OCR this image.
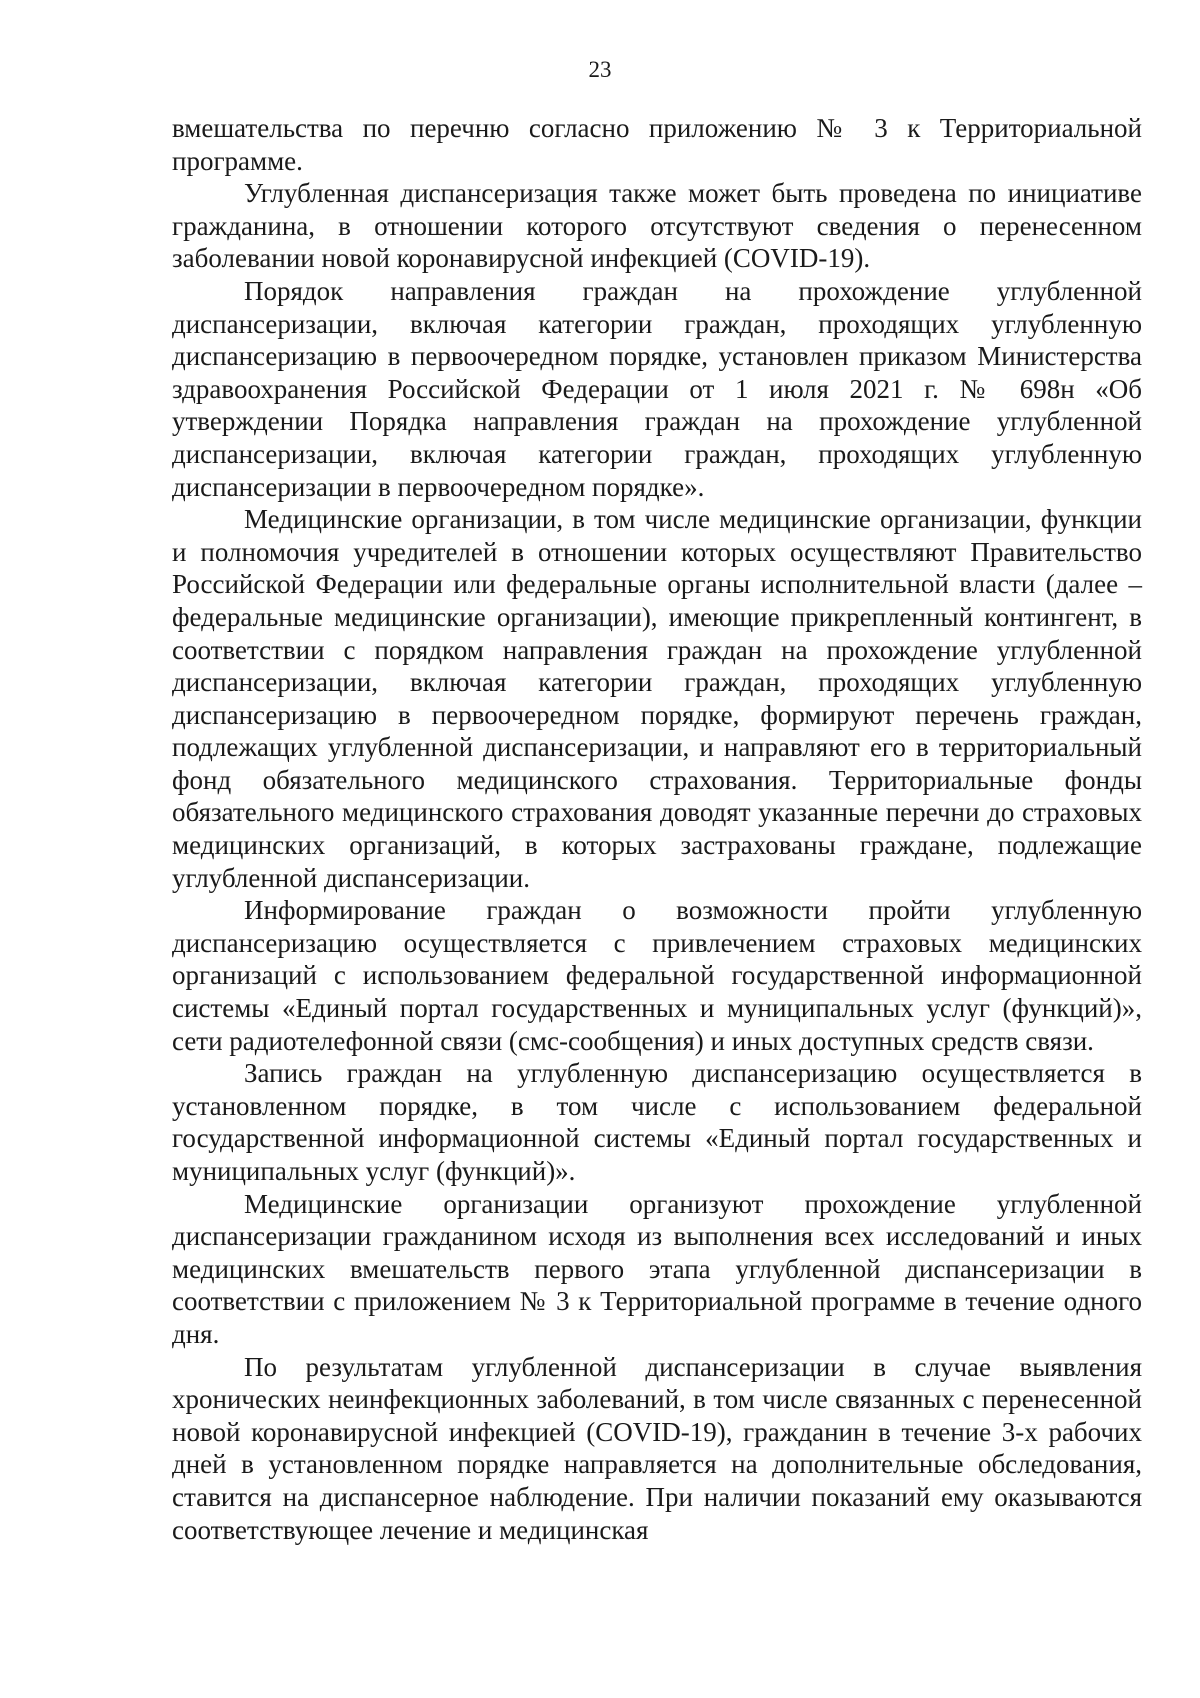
23

вмешательства по перечню согласно приложению № 3 к Территориальной программе.

Углубленная диспансеризация также может быть проведена по инициативе гражданина, в отношении которого отсутствуют сведения о перенесенном заболевании новой коронавирусной инфекцией (COVID-19).

Порядок направления граждан на прохождение углубленной диспансеризации, включая категории граждан, проходящих углубленную диспансеризацию в первоочередном порядке, установлен приказом Министерства здравоохранения Российской Федерации от 1 июля 2021 г. № 698н «Об утверждении Порядка направления граждан на прохождение углубленной диспансеризации, включая категории граждан, проходящих углубленную диспансеризации в первоочередном порядке».

Медицинские организации, в том числе медицинские организации, функции и полномочия учредителей в отношении которых осуществляют Правительство Российской Федерации или федеральные органы исполнительной власти (далее – федеральные медицинские организации), имеющие прикрепленный контингент, в соответствии с порядком направления граждан на прохождение углубленной диспансеризации, включая категории граждан, проходящих углубленную диспансеризацию в первоочередном порядке, формируют перечень граждан, подлежащих углубленной диспансеризации, и направляют его в территориальный фонд обязательного медицинского страхования. Территориальные фонды обязательного медицинского страхования доводят указанные перечни до страховых медицинских организаций, в которых застрахованы граждане, подлежащие углубленной диспансеризации.

Информирование граждан о возможности пройти углубленную диспансеризацию осуществляется с привлечением страховых медицинских организаций с использованием федеральной государственной информационной системы «Единый портал государственных и муниципальных услуг (функций)», сети радиотелефонной связи (смс-сообщения) и иных доступных средств связи.

Запись граждан на углубленную диспансеризацию осуществляется в установленном порядке, в том числе с использованием федеральной государственной информационной системы «Единый портал государственных и муниципальных услуг (функций)».

Медицинские организации организуют прохождение углубленной диспансеризации гражданином исходя из выполнения всех исследований и иных медицинских вмешательств первого этапа углубленной диспансеризации в соответствии с приложением № 3 к Территориальной программе в течение одного дня.

По результатам углубленной диспансеризации в случае выявления хронических неинфекционных заболеваний, в том числе связанных с перенесенной новой коронавирусной инфекцией (COVID-19), гражданин в течение 3-х рабочих дней в установленном порядке направляется на дополнительные обследования, ставится на диспансерное наблюдение. При наличии показаний ему оказываются соответствующее лечение и медицинская
